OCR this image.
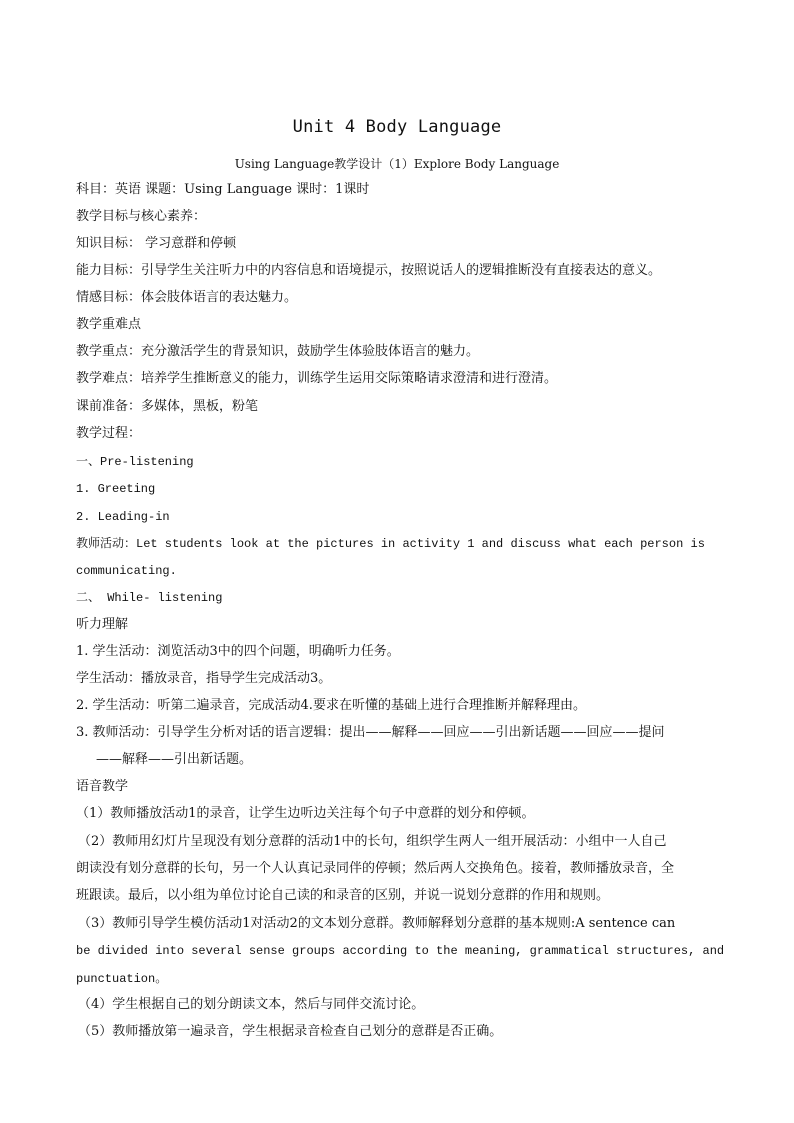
Unit 4 Body Language
Using Language教学设计（1）Explore Body Language
科目：英语 课题：Using Language 课时：1课时
教学目标与核心素养：
知识目标： 学习意群和停顿
能力目标：引导学生关注听力中的内容信息和语境提示，按照说话人的逻辑推断没有直接表达的意义。
情感目标：体会肢体语言的表达魅力。
教学重难点
教学重点：充分激活学生的背景知识，鼓励学生体验肢体语言的魅力。
教学难点：培养学生推断意义的能力，训练学生运用交际策略请求澄清和进行澄清。
课前准备：多媒体，黑板，粉笔
教学过程：
一、Pre-listening
1. Greeting
2. Leading-in
教师活动：Let students look at the pictures in activity 1 and discuss what each person is
communicating.
二、 While- listening
听力理解
1. 学生活动：浏览活动3中的四个问题，明确听力任务。
学生活动：播放录音，指导学生完成活动3。
2. 学生活动：听第二遍录音，完成活动4.要求在听懂的基础上进行合理推断并解释理由。
3. 教师活动：引导学生分析对话的语言逻辑：提出——解释——回应——引出新话题——回应——提问
——解释——引出新话题。
语音教学
（1）教师播放活动1的录音，让学生边听边关注每个句子中意群的划分和停顿。
（2）教师用幻灯片呈现没有划分意群的活动1中的长句，组织学生两人一组开展活动：小组中一人自己
朗读没有划分意群的长句，另一个人认真记录同伴的停顿；然后两人交换角色。接着，教师播放录音，全
班跟读。最后，以小组为单位讨论自己读的和录音的区别，并说一说划分意群的作用和规则。
（3）教师引导学生模仿活动1对活动2的文本划分意群。教师解释划分意群的基本规则:A sentence can
be divided into several sense groups according to the meaning, grammatical structures, and
punctuation。
（4）学生根据自己的划分朗读文本，然后与同伴交流讨论。
（5）教师播放第一遍录音，学生根据录音检查自己划分的意群是否正确。
